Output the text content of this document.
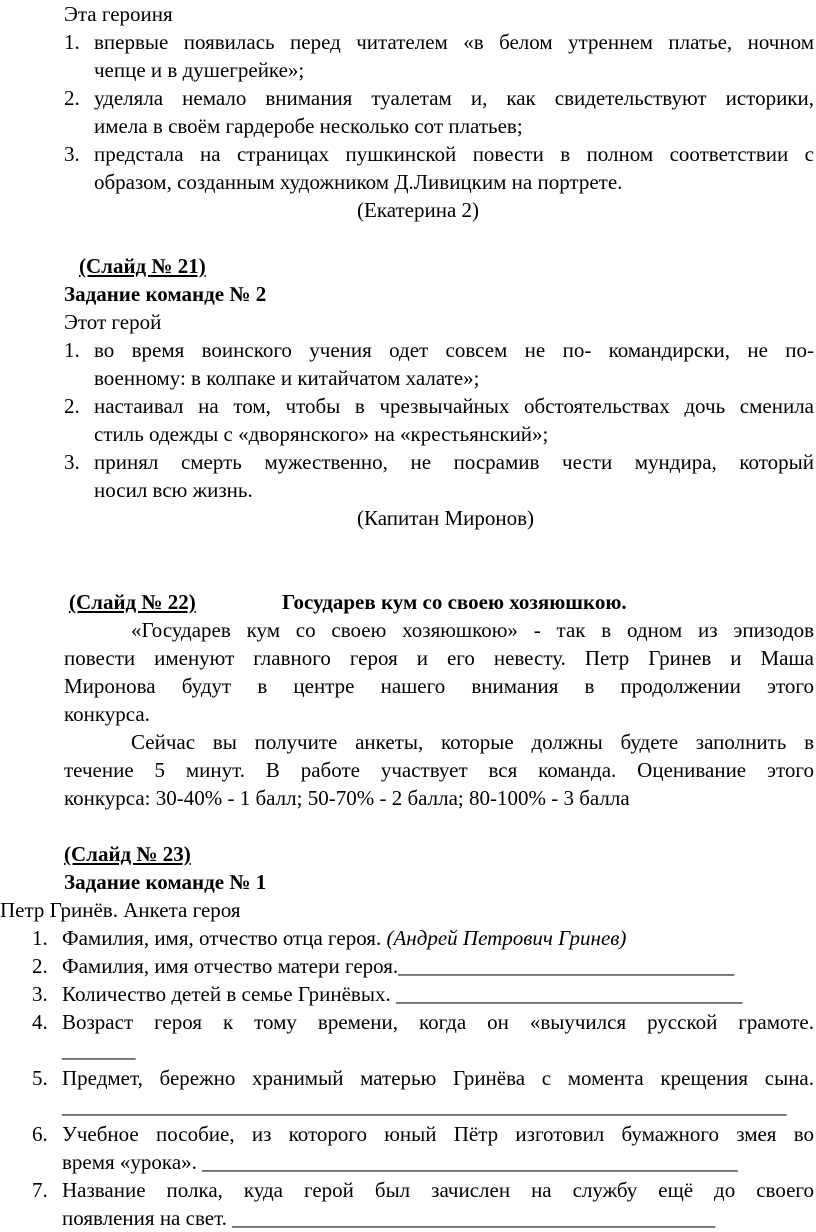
Эта героиня
1. впервые появилась перед читателем «в белом утреннем платье, ночном
чепце и в душегрейке»;
2. уделяла немало внимания туалетам и, как свидетельствуют историки,
имела в своём гардеробе несколько сот платьев;
3. предстала на страницах пушкинской повести в полном соответствии с
образом, созданным художником Д.Ливицким на портрете.
(Екатерина 2)
(Слайд № 21)
Задание команде № 2
Этот герой
1. во время воинского учения одет совсем не по- командирски, не по-
военному: в колпаке и китайчатом халате»;
2. настаивал на том, чтобы в чрезвычайных обстоятельствах дочь сменила
стиль одежды с «дворянского» на «крестьянский»;
3. принял смерть мужественно, не посрамив чести мундира, который
носил всю жизнь.
(Капитан Миронов)
(Слайд № 22)	Государев кум со своею хозяюшкою.
«Государев кум со своею хозяюшкою» - так в одном из эпизодов
повести именуют главного героя и его невесту. Петр Гринев и Маша
Миронова будут в центре нашего внимания в продолжении этого
конкурса.
Сейчас вы получите анкеты, которые должны будете заполнить в
течение 5 минут. В работе участвует вся команда. Оценивание этого
конкурса: 30-40% - 1 балл; 50-70% - 2 балла; 80-100% - 3 балла
(Слайд № 23)
Задание команде № 1
Петр Гринёв. Анкета героя
1. Фамилия, имя, отчество отца героя. (Андрей Петрович Гринев)
2. Фамилия, имя отчество матери героя.________________________________
3. Количество детей в семье Гринёвых. _________________________________
4. Возраст героя к тому времени, когда он «выучился русской грамоте.
_______
5. Предмет, бережно хранимый матерью Гринёва с момента крещения сына.
_____________________________________________________________________
6. Учебное пособие, из которого юный Пётр изготовил бумажного змея во
время «урока». ___________________________________________________
7. Название полка, куда герой был зачислен на службу ещё до своего
появления на свет. ______________________________________________
